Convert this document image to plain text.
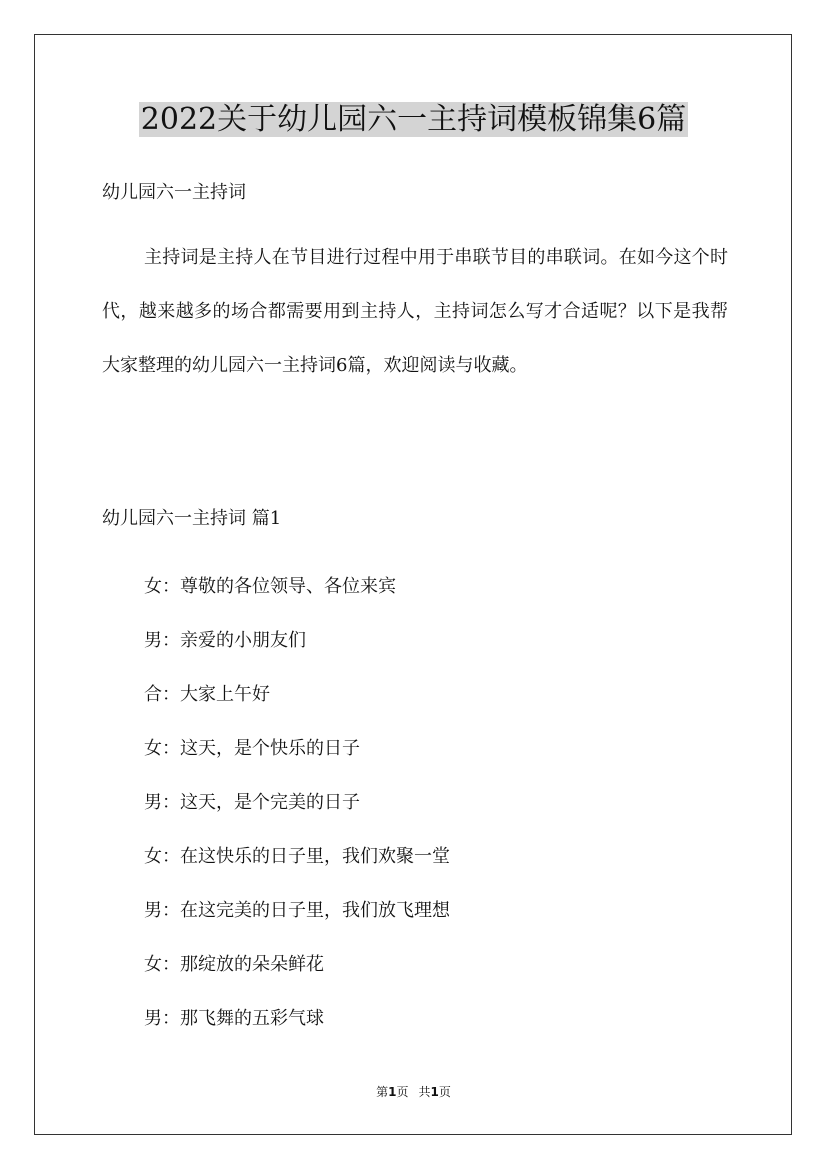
2022关于幼儿园六一主持词模板锦集6篇
幼儿园六一主持词

主持词是主持人在节目进行过程中用于串联节目的串联词。在如今这个时代，越来越多的场合都需要用到主持人，主持词怎么写才合适呢？以下是我帮大家整理的幼儿园六一主持词6篇，欢迎阅读与收藏。

幼儿园六一主持词 篇1
女：尊敬的各位领导、各位来宾
男：亲爱的小朋友们
合：大家上午好
女：这天，是个快乐的日子
男：这天，是个完美的日子
女：在这快乐的日子里，我们欢聚一堂
男：在这完美的日子里，我们放飞理想
女：那绽放的朵朵鲜花
男：那飞舞的五彩气球
第1页 共1页
